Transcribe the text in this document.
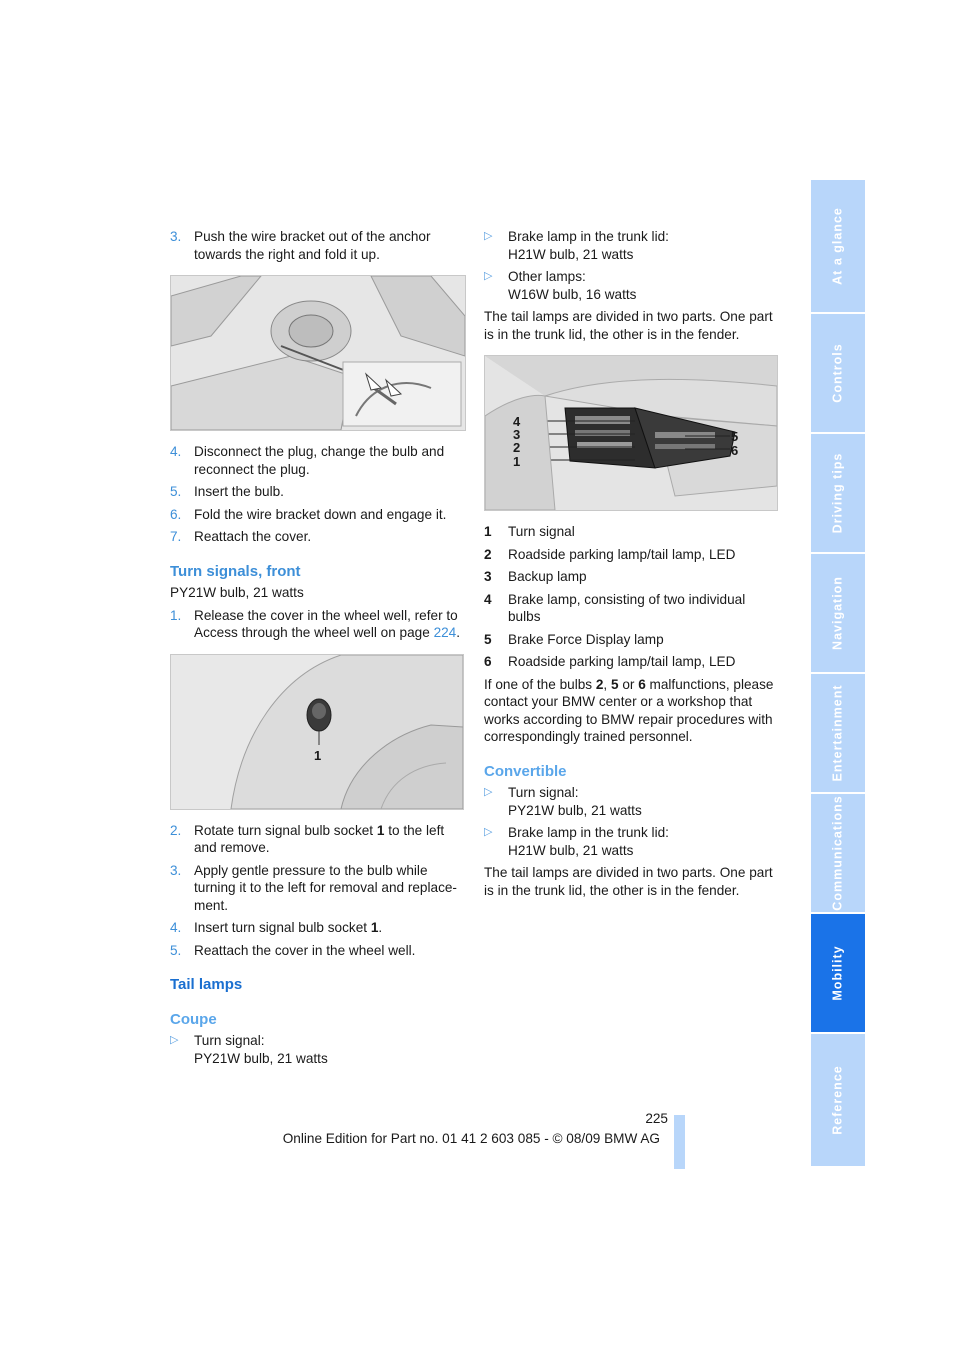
3. Push the wire bracket out of the anchor towards the right and fold it up.
4. Disconnect the plug, change the bulb and reconnect the plug.
5. Insert the bulb.
6. Fold the wire bracket down and engage it.
7. Reattach the cover.
Turn signals, front
PY21W bulb, 21 watts
1. Release the cover in the wheel well, refer to Access through the wheel well on page 224.
1
2. Rotate turn signal bulb socket 1 to the left and remove.
3. Apply gentle pressure to the bulb while turning it to the left for removal and replace-ment.
4. Insert turn signal bulb socket 1.
5. Reattach the cover in the wheel well.
Tail lamps
Coupe
▷ Turn signal:
PY21W bulb, 21 watts
▷ Brake lamp in the trunk lid:
H21W bulb, 21 watts
▷ Other lamps:
W16W bulb, 16 watts
The tail lamps are divided in two parts. One part is in the trunk lid, the other is in the fender.
4
3
2
1
5
6
1 Turn signal
2 Roadside parking lamp/tail lamp, LED
3 Backup lamp
4 Brake lamp, consisting of two individual bulbs
5 Brake Force Display lamp
6 Roadside parking lamp/tail lamp, LED
If one of the bulbs 2, 5 or 6 malfunctions, please contact your BMW center or a workshop that works according to BMW repair procedures with correspondingly trained personnel.
Convertible
▷ Turn signal:
PY21W bulb, 21 watts
▷ Brake lamp in the trunk lid:
H21W bulb, 21 watts
The tail lamps are divided in two parts. One part is in the trunk lid, the other is in the fender.
At a glance
Controls
Driving tips
Navigation
Entertainment
Communications
Mobility
Reference
225
Online Edition for Part no. 01 41 2 603 085 - © 08/09 BMW AG
